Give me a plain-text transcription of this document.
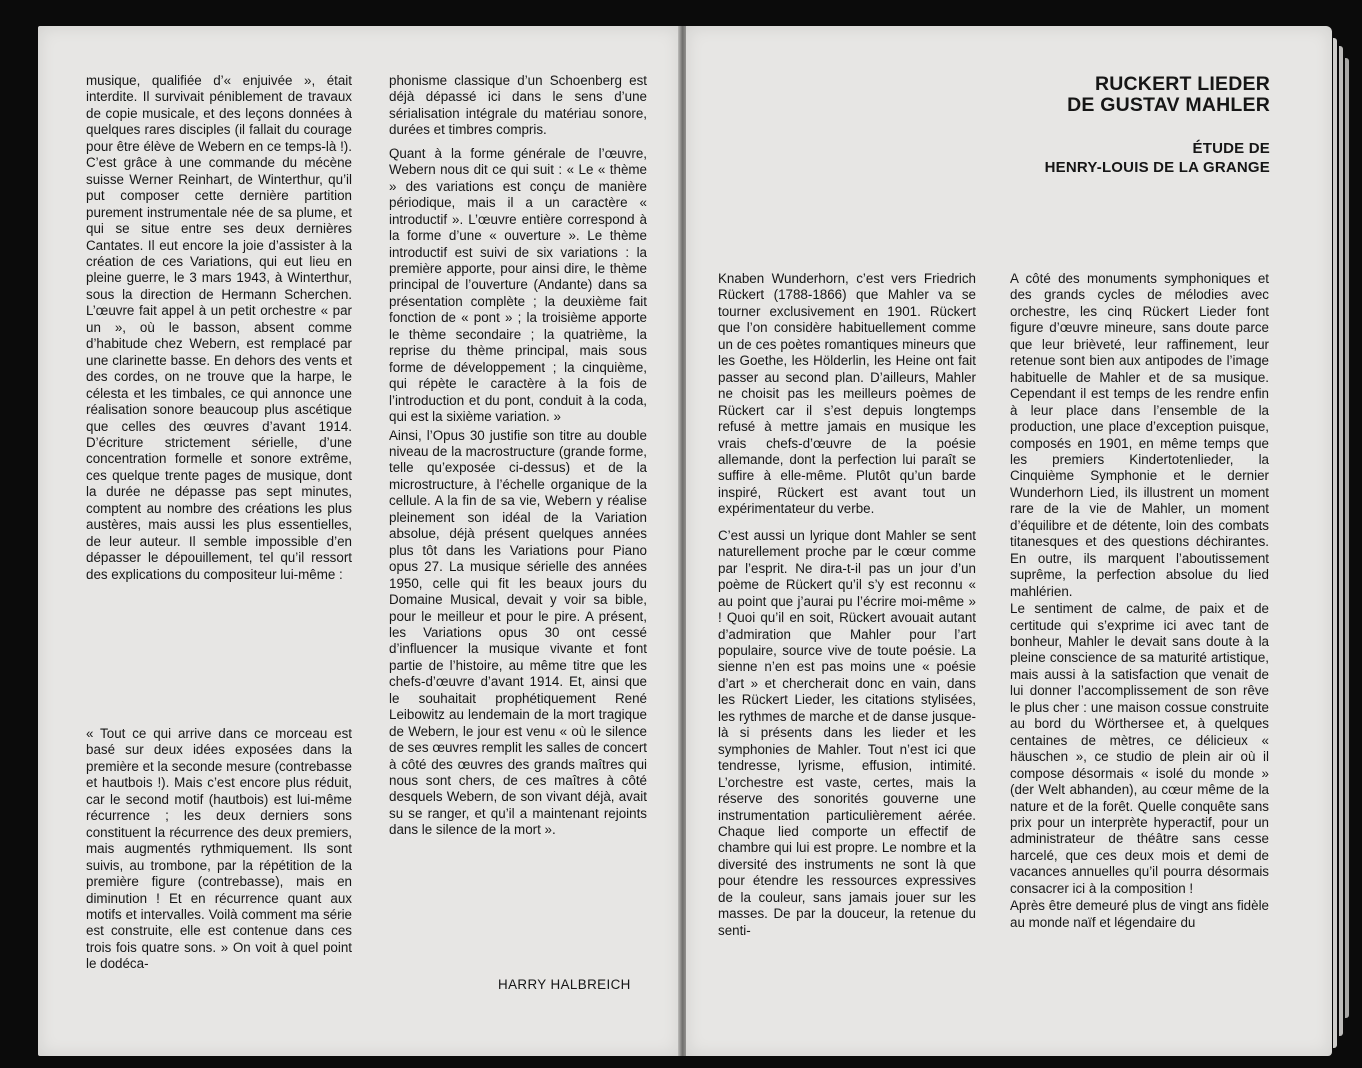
musique, qualifiée d’« enjuivée », était interdite. Il survivait péniblement de travaux de copie musicale, et des leçons données à quelques rares disciples (il fallait du courage pour être élève de Webern en ce temps-là !). C’est grâce à une commande du mécène suisse Werner Reinhart, de Winterthur, qu’il put composer cette dernière partition purement instrumentale née de sa plume, et qui se situe entre ses deux dernières Cantates. Il eut encore la joie d’assister à la création de ces Variations, qui eut lieu en pleine guerre, le 3 mars 1943, à Winterthur, sous la direction de Hermann Scherchen. L’œuvre fait appel à un petit orchestre « par un », où le basson, absent comme d’habitude chez Webern, est remplacé par une clarinette basse. En dehors des vents et des cordes, on ne trouve que la harpe, le célesta et les timbales, ce qui annonce une réalisation sonore beaucoup plus ascétique que celles des œuvres d’avant 1914. D’écriture strictement sérielle, d’une concentration formelle et sonore extrême, ces quelque trente pages de musique, dont la durée ne dépasse pas sept minutes, comptent au nombre des créations les plus austères, mais aussi les plus essentielles, de leur auteur. Il semble impossible d’en dépasser le dépouillement, tel qu’il ressort des explications du compositeur lui-même :

« Tout ce qui arrive dans ce morceau est basé sur deux idées exposées dans la première et la seconde mesure (contrebasse et hautbois !). Mais c’est encore plus réduit, car le second motif (hautbois) est lui-même récurrence ; les deux derniers sons constituent la récurrence des deux premiers, mais augmentés rythmiquement. Ils sont suivis, au trombone, par la répétition de la première figure (contrebasse), mais en diminution ! Et en récurrence quant aux motifs et intervalles. Voilà comment ma série est construite, elle est contenue dans ces trois fois quatre sons. » On voit à quel point le dodéca-

phonisme classique d’un Schoenberg est déjà dépassé ici dans le sens d’une sérialisation intégrale du matériau sonore, durées et timbres compris.

Quant à la forme générale de l’œuvre, Webern nous dit ce qui suit : « Le « thème » des variations est conçu de manière périodique, mais il a un caractère « introductif ». L’œuvre entière correspond à la forme d’une « ouverture ». Le thème introductif est suivi de six variations : la première apporte, pour ainsi dire, le thème principal de l’ouverture (Andante) dans sa présentation complète ; la deuxième fait fonction de « pont » ; la troisième apporte le thème secondaire ; la quatrième, la reprise du thème principal, mais sous forme de développement ; la cinquième, qui répète le caractère à la fois de l’introduction et du pont, conduit à la coda, qui est la sixième variation. »

Ainsi, l’Opus 30 justifie son titre au double niveau de la macrostructure (grande forme, telle qu’exposée ci-dessus) et de la microstructure, à l’échelle organique de la cellule. A la fin de sa vie, Webern y réalise pleinement son idéal de la Variation absolue, déjà présent quelques années plus tôt dans les Variations pour Piano opus 27. La musique sérielle des années 1950, celle qui fit les beaux jours du Domaine Musical, devait y voir sa bible, pour le meilleur et pour le pire. A présent, les Variations opus 30 ont cessé d’influencer la musique vivante et font partie de l’histoire, au même titre que les chefs-d’œuvre d’avant 1914. Et, ainsi que le souhaitait prophétiquement René Leibowitz au lendemain de la mort tragique de Webern, le jour est venu « où le silence de ses œuvres remplit les salles de concert à côté des œuvres des grands maîtres qui nous sont chers, de ces maîtres à côté desquels Webern, de son vivant déjà, avait su se ranger, et qu’il a maintenant rejoints dans le silence de la mort ».

HARRY HALBREICH
RUCKERT LIEDER
DE GUSTAV MAHLER
ÉTUDE DE
HENRY-LOUIS DE LA GRANGE

Knaben Wunderhorn, c’est vers Friedrich Rückert (1788-1866) que Mahler va se tourner exclusivement en 1901. Rückert que l’on considère habituellement comme un de ces poètes romantiques mineurs que les Goethe, les Hölderlin, les Heine ont fait passer au second plan. D’ailleurs, Mahler ne choisit pas les meilleurs poèmes de Rückert car il s’est depuis longtemps refusé à mettre jamais en musique les vrais chefs-d’œuvre de la poésie allemande, dont la perfection lui paraît se suffire à elle-même. Plutôt qu’un barde inspiré, Rückert est avant tout un expérimentateur du verbe.

C’est aussi un lyrique dont Mahler se sent naturellement proche par le cœur comme par l’esprit. Ne dira-t-il pas un jour d’un poème de Rückert qu’il s’y est reconnu « au point que j’aurai pu l’écrire moi-même » ! Quoi qu’il en soit, Rückert avouait autant d’admiration que Mahler pour l’art populaire, source vive de toute poésie. La sienne n’en est pas moins une « poésie d’art » et chercherait donc en vain, dans les Rückert Lieder, les citations stylisées, les rythmes de marche et de danse jusque-là si présents dans les lieder et les symphonies de Mahler. Tout n’est ici que tendresse, lyrisme, effusion, intimité. L’orchestre est vaste, certes, mais la réserve des sonorités gouverne une instrumentation particulièrement aérée. Chaque lied comporte un effectif de chambre qui lui est propre. Le nombre et la diversité des instruments ne sont là que pour étendre les ressources expressives de la couleur, sans jamais jouer sur les masses. De par la douceur, la retenue du senti-

A côté des monuments symphoniques et des grands cycles de mélodies avec orchestre, les cinq Rückert Lieder font figure d’œuvre mineure, sans doute parce que leur brièveté, leur raffinement, leur retenue sont bien aux antipodes de l’image habituelle de Mahler et de sa musique. Cependant il est temps de les rendre enfin à leur place dans l’ensemble de la production, une place d’exception puisque, composés en 1901, en même temps que les premiers Kindertotenlieder, la Cinquième Symphonie et le dernier Wunderhorn Lied, ils illustrent un moment rare de la vie de Mahler, un moment d’équilibre et de détente, loin des combats titanesques et des questions déchirantes. En outre, ils marquent l’aboutissement suprême, la perfection absolue du lied mahlérien.

Le sentiment de calme, de paix et de certitude qui s’exprime ici avec tant de bonheur, Mahler le devait sans doute à la pleine conscience de sa maturité artistique, mais aussi à la satisfaction que venait de lui donner l’accomplissement de son rêve le plus cher : une maison cossue construite au bord du Wörthersee et, à quelques centaines de mètres, ce délicieux « häuschen », ce studio de plein air où il compose désormais « isolé du monde » (der Welt abhanden), au cœur même de la nature et de la forêt. Quelle conquête sans prix pour un interprète hyperactif, pour un administrateur de théâtre sans cesse harcelé, que ces deux mois et demi de vacances annuelles qu’il pourra désormais consacrer ici à la composition !

Après être demeuré plus de vingt ans fidèle au monde naïf et légendaire du
